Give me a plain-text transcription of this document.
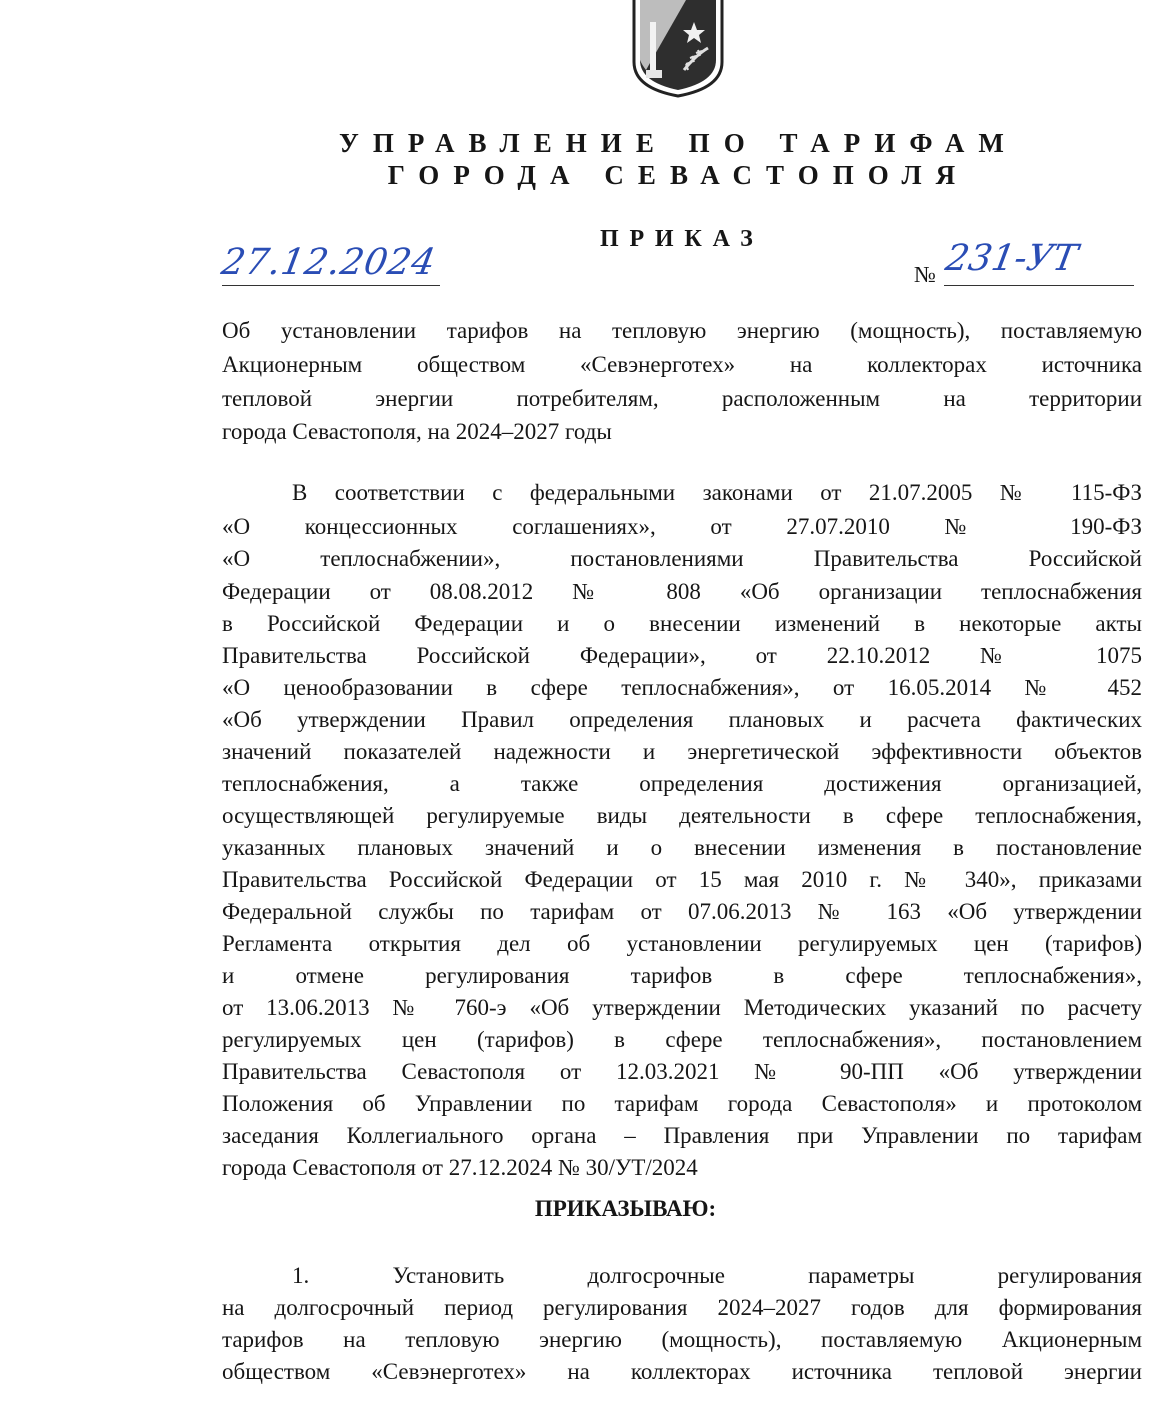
УПРАВЛЕНИЕ ПО ТАРИФАМ
ГОРОДА СЕВАСТОПОЛЯ
ПРИКАЗ
27.12.2024	№ 231-УТ
Об установлении тарифов на тепловую энергию (мощность), поставляемую
Акционерным обществом «Севэнерготех» на коллекторах источника
тепловой энергии потребителям, расположенным на территории
города Севастополя, на 2024–2027 годы
В соответствии с федеральными законами от 21.07.2005 № 115-ФЗ
«О концессионных соглашениях», от 27.07.2010 № 190-ФЗ
«О теплоснабжении», постановлениями Правительства Российской
Федерации от 08.08.2012 № 808 «Об организации теплоснабжения
в Российской Федерации и о внесении изменений в некоторые акты
Правительства Российской Федерации», от 22.10.2012 № 1075
«О ценообразовании в сфере теплоснабжения», от 16.05.2014 № 452
«Об утверждении Правил определения плановых и расчета фактических
значений показателей надежности и энергетической эффективности объектов
теплоснабжения, а также определения достижения организацией,
осуществляющей регулируемые виды деятельности в сфере теплоснабжения,
указанных плановых значений и о внесении изменения в постановление
Правительства Российской Федерации от 15 мая 2010 г. № 340», приказами
Федеральной службы по тарифам от 07.06.2013 № 163 «Об утверждении
Регламента открытия дел об установлении регулируемых цен (тарифов)
и отмене регулирования тарифов в сфере теплоснабжения»,
от 13.06.2013 № 760-э «Об утверждении Методических указаний по расчету
регулируемых цен (тарифов) в сфере теплоснабжения», постановлением
Правительства Севастополя от 12.03.2021 № 90-ПП «Об утверждении
Положения об Управлении по тарифам города Севастополя» и протоколом
заседания Коллегиального органа – Правления при Управлении по тарифам
города Севастополя от 27.12.2024 № 30/УТ/2024
ПРИКАЗЫВАЮ:
1. Установить долгосрочные параметры регулирования
на долгосрочный период регулирования 2024–2027 годов для формирования
тарифов на тепловую энергию (мощность), поставляемую Акционерным
обществом «Севэнерготех» на коллекторах источника тепловой энергии
